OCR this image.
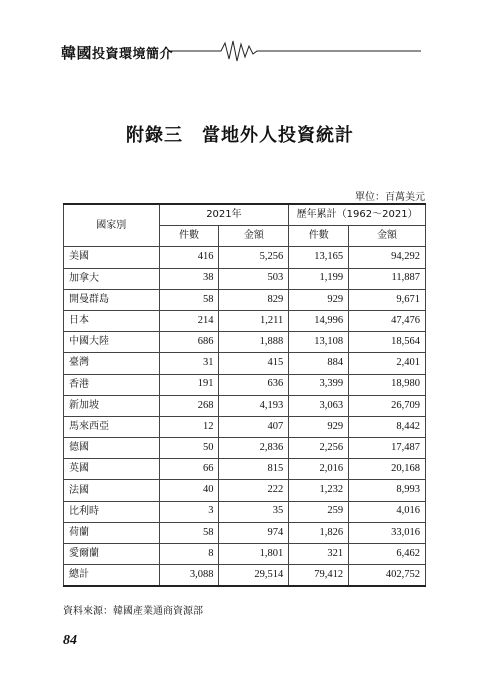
韓國投資環境簡介
附錄三　當地外人投資統計
單位：百萬美元
國家別	2021年		歷年累計（1962～2021）	
	件數	金額	件數	金額
美國	416	5,256	13,165	94,292
加拿大	38	503	1,199	11,887
開曼群島	58	829	929	9,671
日本	214	1,211	14,996	47,476
中國大陸	686	1,888	13,108	18,564
臺灣	31	415	884	2,401
香港	191	636	3,399	18,980
新加坡	268	4,193	3,063	26,709
馬來西亞	12	407	929	8,442
德國	50	2,836	2,256	17,487
英國	66	815	2,016	20,168
法國	40	222	1,232	8,993
比利時	3	35	259	4,016
荷蘭	58	974	1,826	33,016
愛爾蘭	8	1,801	321	6,462
總計	3,088	29,514	79,412	402,752
資料來源：韓國產業通商資源部
84
